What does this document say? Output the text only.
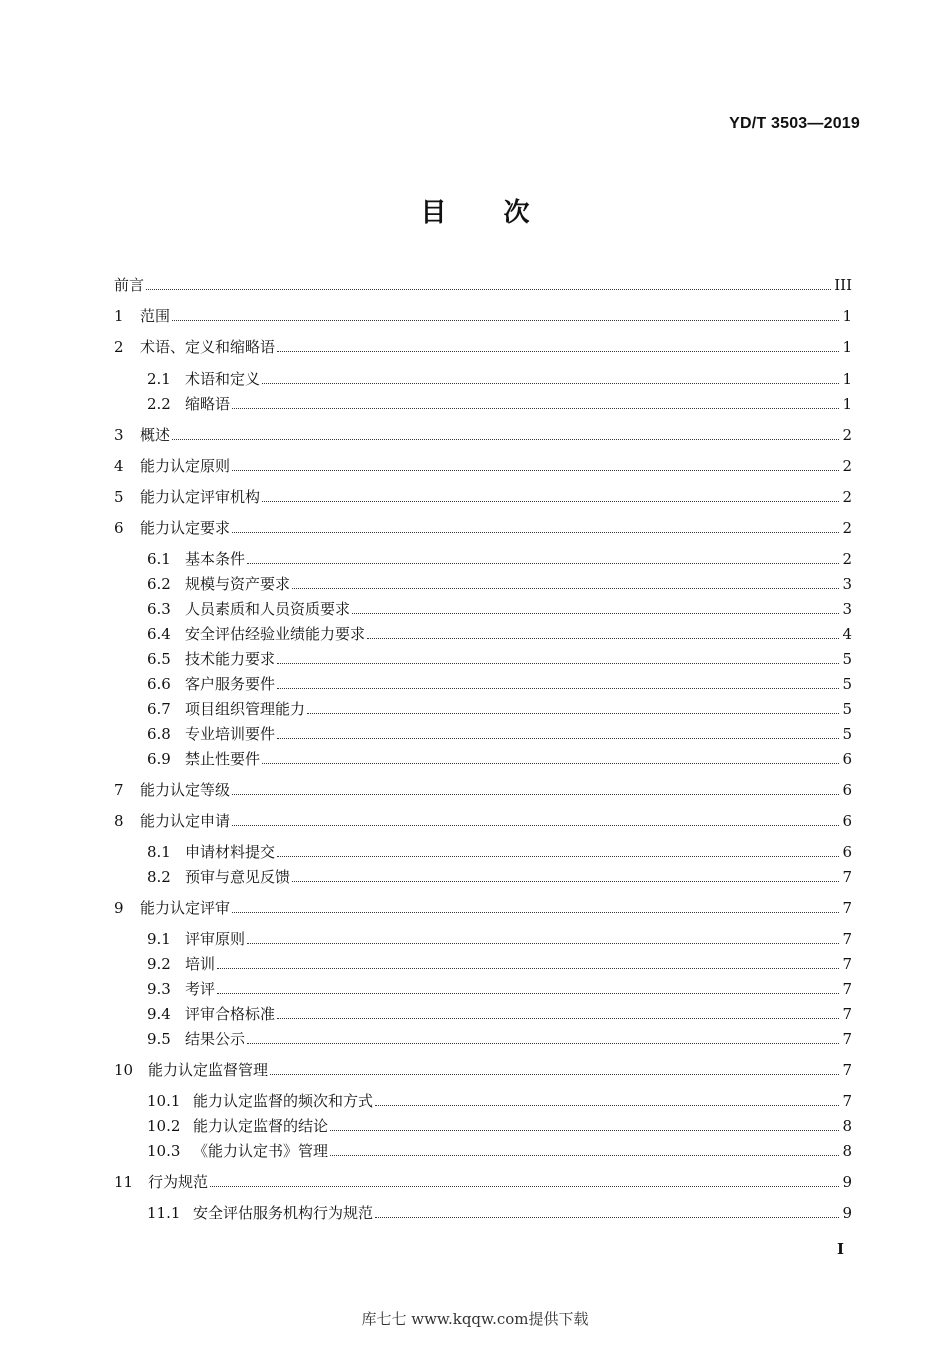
YD/T 3503—2019
目 次
前言	III
1	范围	1
2	术语、定义和缩略语	1
2.1 术语和定义	1
2.2 缩略语	1
3	概述	2
4	能力认定原则	2
5	能力认定评审机构	2
6	能力认定要求	2
6.1 基本条件	2
6.2 规模与资产要求	3
6.3 人员素质和人员资质要求	3
6.4 安全评估经验业绩能力要求	4
6.5 技术能力要求	5
6.6 客户服务要件	5
6.7 项目组织管理能力	5
6.8 专业培训要件	5
6.9 禁止性要件	6
7	能力认定等级	6
8	能力认定申请	6
8.1 申请材料提交	6
8.2 预审与意见反馈	7
9	能力认定评审	7
9.1 评审原则	7
9.2 培训	7
9.3 考评	7
9.4 评审合格标准	7
9.5 结果公示	7
10 能力认定监督管理	7
10.1 能力认定监督的频次和方式	7
10.2 能力认定监督的结论	8
10.3 《能力认定书》管理	8
11 行为规范	9
11.1 安全评估服务机构行为规范	9
I
库七七 www.kqqw.com提供下载
